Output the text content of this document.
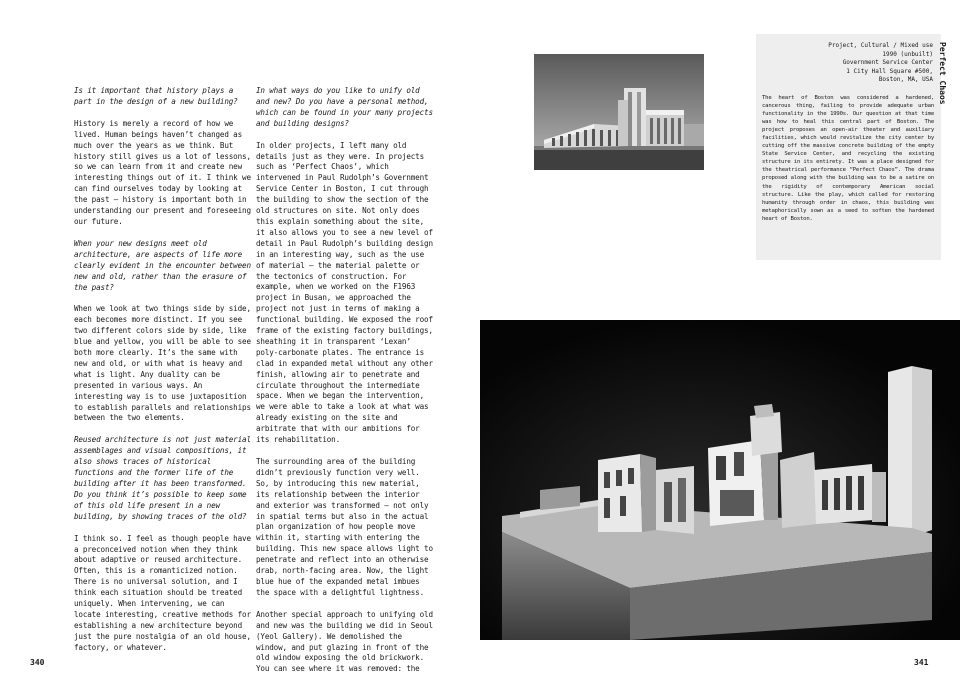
Is it important that history plays a part in the design of a new building?

History is merely a record of how we lived. Human beings haven’t changed as much over the years as we think. But history still gives us a lot of lessons, so we can learn from it and create new interesting things out of it. I think we can find ourselves today by looking at the past – history is important both in understanding our present and foreseeing our future.

When your new designs meet old architecture, are aspects of life more clearly evident in the encounter between new and old, rather than the erasure of the past?

When we look at two things side by side, each becomes more distinct. If you see two different colors side by side, like blue and yellow, you will be able to see both more clearly. It’s the same with new and old, or with what is heavy and what is light. Any duality can be presented in various ways. An interesting way is to use juxtaposition to establish parallels and relationships between the two elements.

Reused architecture is not just material assemblages and visual compositions, it also shows traces of historical functions and the former life of the building after it has been transformed. Do you think it’s possible to keep some of this old life present in a new building, by showing traces of the old?

I think so. I feel as though people have a preconceived notion when they think about adaptive or reused architecture. Often, this is a romanticized notion. There is no universal solution, and I think each situation should be treated uniquely. When intervening, we can locate interesting, creative methods for establishing a new architecture beyond just the pure nostalgia of an old house, factory, or whatever.

In what ways do you like to unify old and new? Do you have a personal method, which can be found in your many projects and building designs?

In older projects, I left many old details just as they were. In projects such as ‘Perfect Chaos’, which intervened in Paul Rudolph’s Government Service Center in Boston, I cut through the building to show the section of the old structures on site. Not only does this explain something about the site, it also allows you to see a new level of detail in Paul Rudolph’s building design in an interesting way, such as the use of material – the material palette or the tectonics of construction. For example, when we worked on the F1963 project in Busan, we approached the project not just in terms of making a functional building. We exposed the roof frame of the existing factory buildings, sheathing it in transparent ‘Lexan’ poly-carbonate plates. The entrance is clad in expanded metal without any other finish, allowing air to penetrate and circulate throughout the intermediate space. When we began the intervention, we were able to take a look at what was already existing on the site and arbitrate that with our ambitions for its rehabilitation.

The surrounding area of the building didn’t previously function very well. So, by introducing this new material, its relationship between the interior and exterior was transformed – not only in spatial terms but also in the actual plan organization of how people move within it, starting with entering the building. This new space allows light to penetrate and reflect into an otherwise drab, north-facing area. Now, the light blue hue of the expanded metal imbues the space with a delightful lightness.

Another special approach to unifying old and new was the building we did in Seoul (Yeol Gallery). We demolished the window, and put glazing in front of the old window exposing the old brickwork. You can see where it was removed: the

340
Project, Cultural / Mixed use
1990 (unbuilt)
Government Service Center
1 City Hall Square #500,
Boston, MA, USA
The heart of Boston was considered a hardened, cancerous thing, failing to provide adequate urban functionality in the 1990s. Our question at that time was how to heal this central part of Boston. The project proposes an open-air theater and auxiliary facilities, which would revitalize the city center by cutting off the massive concrete building of the empty State Service Center, and recycling the existing structure in its entirety. It was a place designed for the theatrical performance “Perfect Chaos”. The drama proposed along with the building was to be a satire on the rigidity of contemporary American social structure. Like the play, which called for restoring humanity through order in chaos, this building was metaphorically sown as a seed to soften the hardened heart of Boston.
Perfect Chaos
341
